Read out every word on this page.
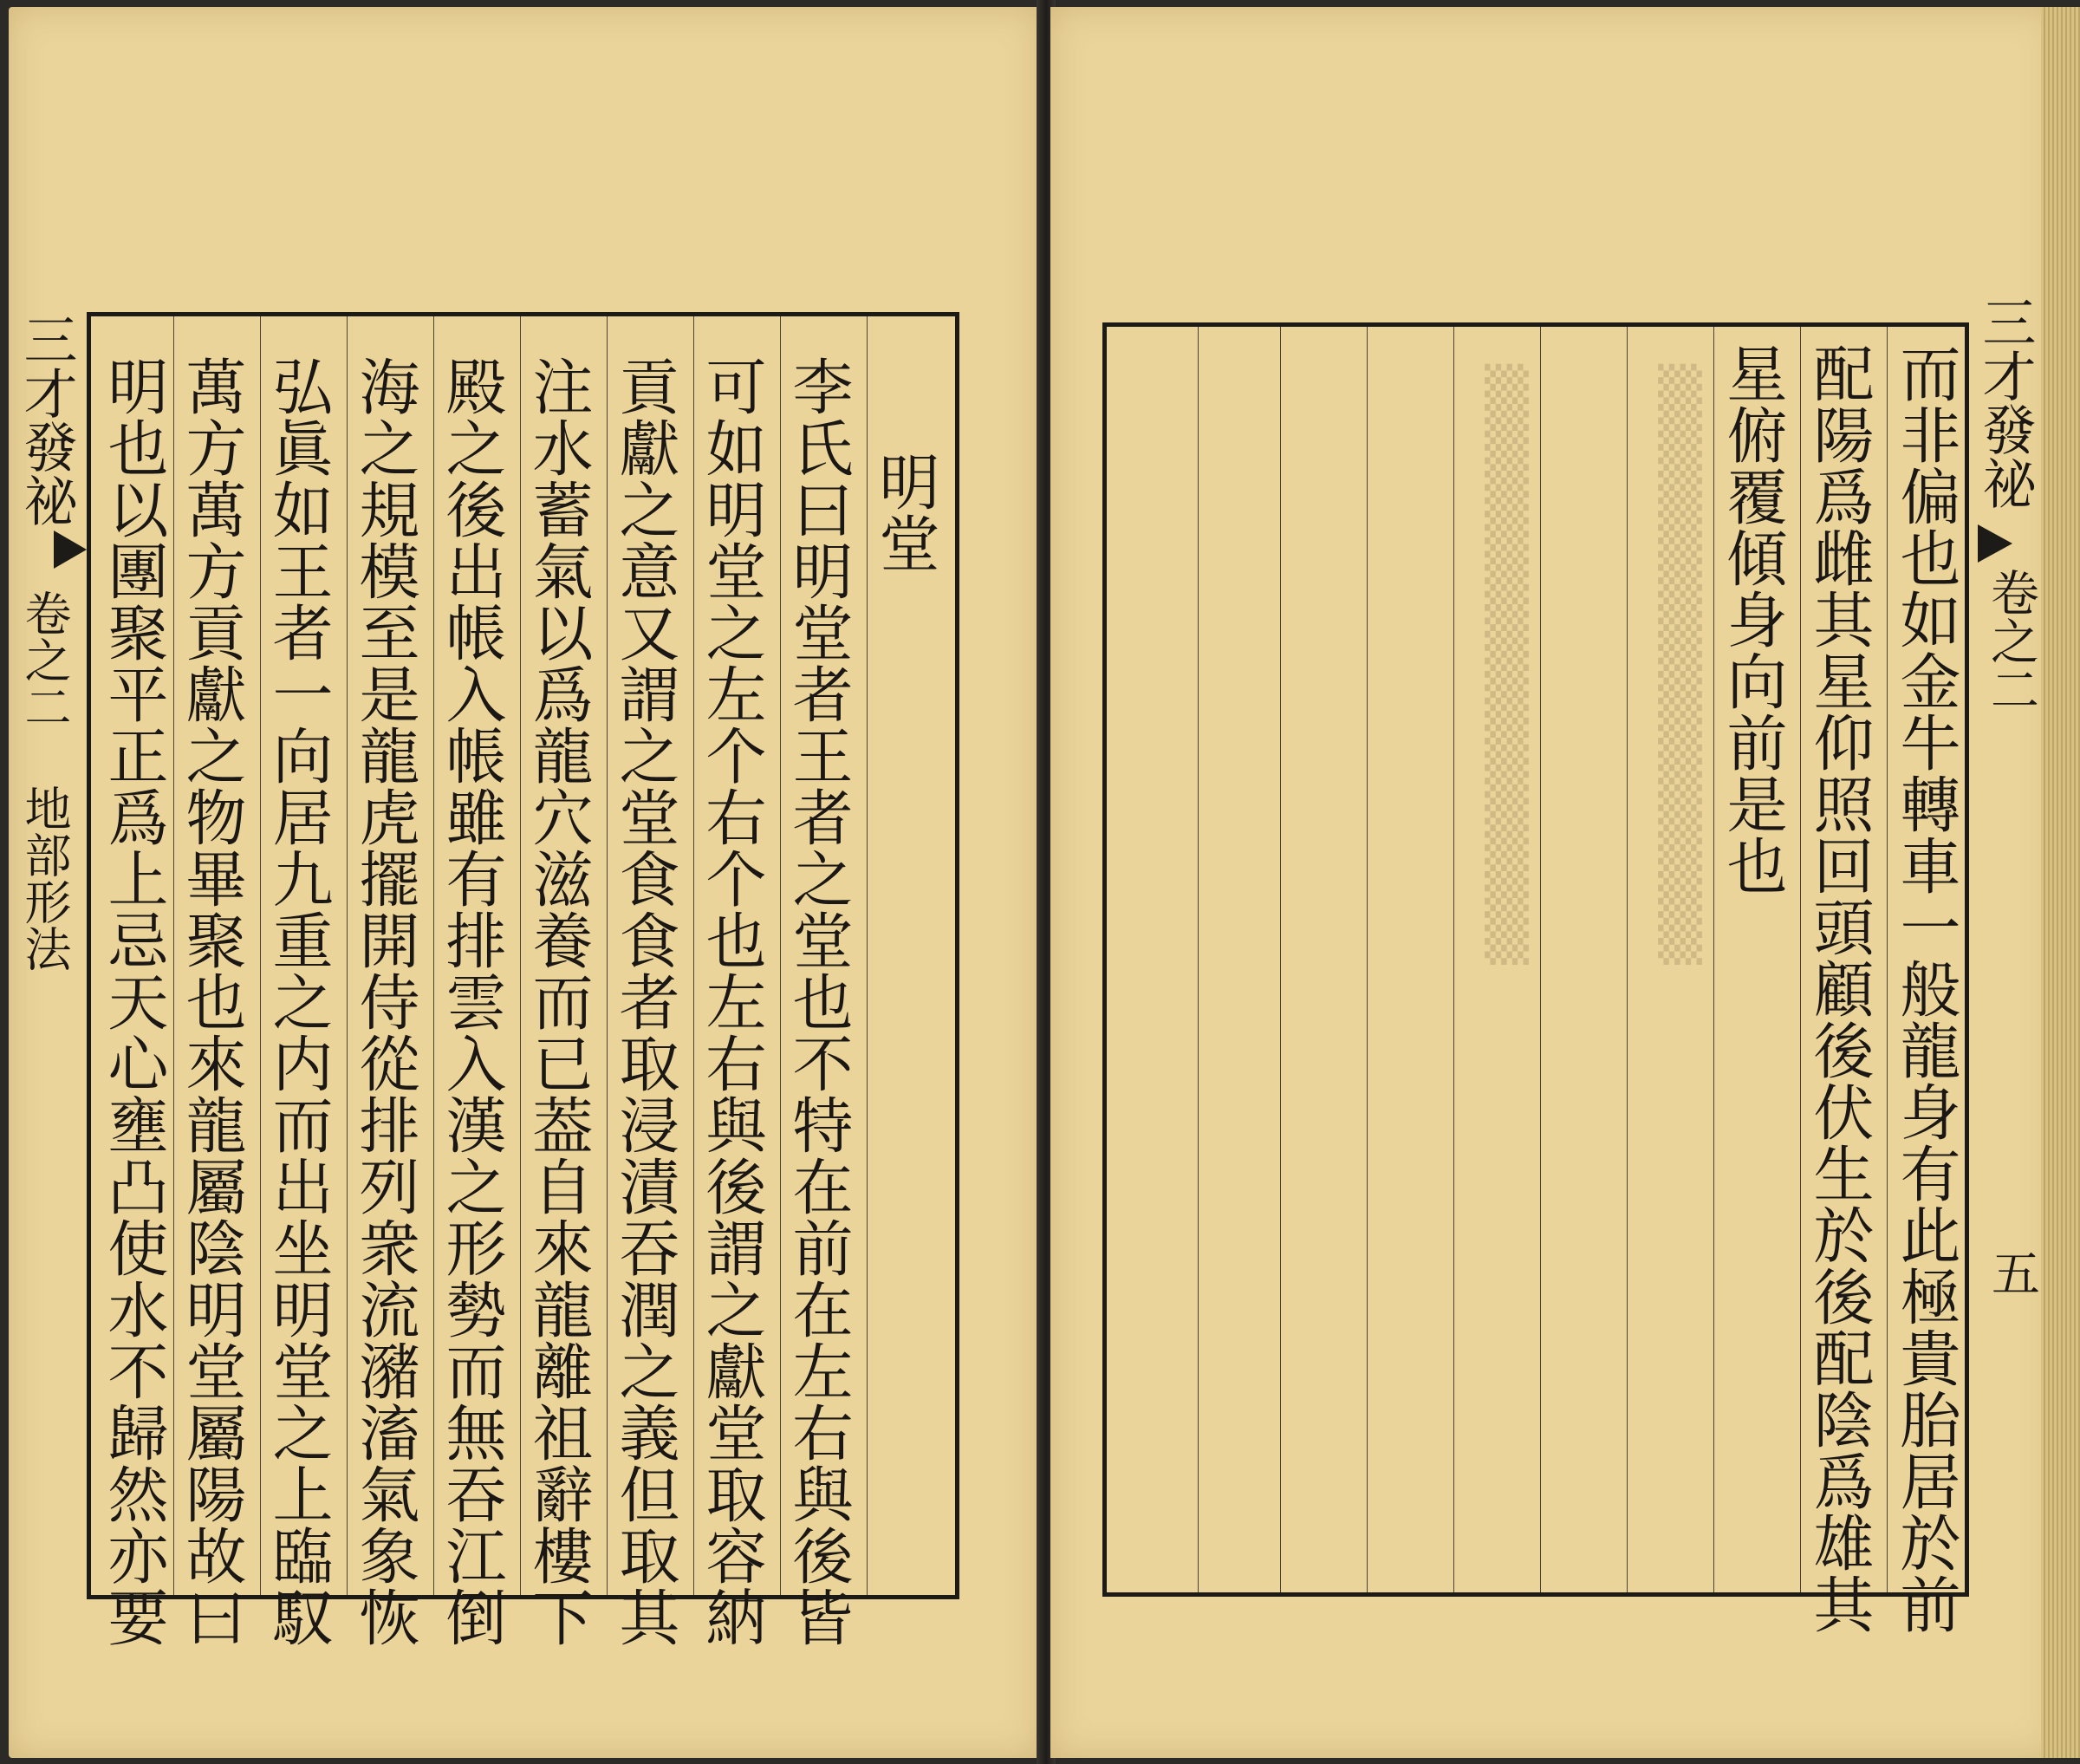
▒▒▒▒▒▒▒▒▒ ▒▒▒▒▒▒▒▒▒
三才發祕
卷之二 地部形法
明堂
李氏曰明堂者王者之堂也不特在前在左右與後皆
可如明堂之左个右个也左右與後謂之獻堂取容納
貢獻之意又謂之堂食食者取浸漬吞潤之義但取其
注水蓄氣以爲龍穴滋養而已葢自來龍離祖辭樓下
殿之後出帳入帳雖有排雲入漢之形勢而無吞江倒
海之規模至是龍虎擺開侍從排列衆流瀦滀氣象恢
弘眞如王者一向居九重之内而出坐明堂之上臨馭
萬方萬方貢獻之物畢聚也來龍屬陰明堂屬陽故曰
明也以團聚平正爲上忌天心壅凸使水不歸然亦要	三才發祕
卷之二
五
而非偏也如金牛轉車一般龍身有此極貴胎居於前
配陽爲雌其星仰照回頭顧後伏生於後配陰爲雄其
星俯覆傾身向前是也
